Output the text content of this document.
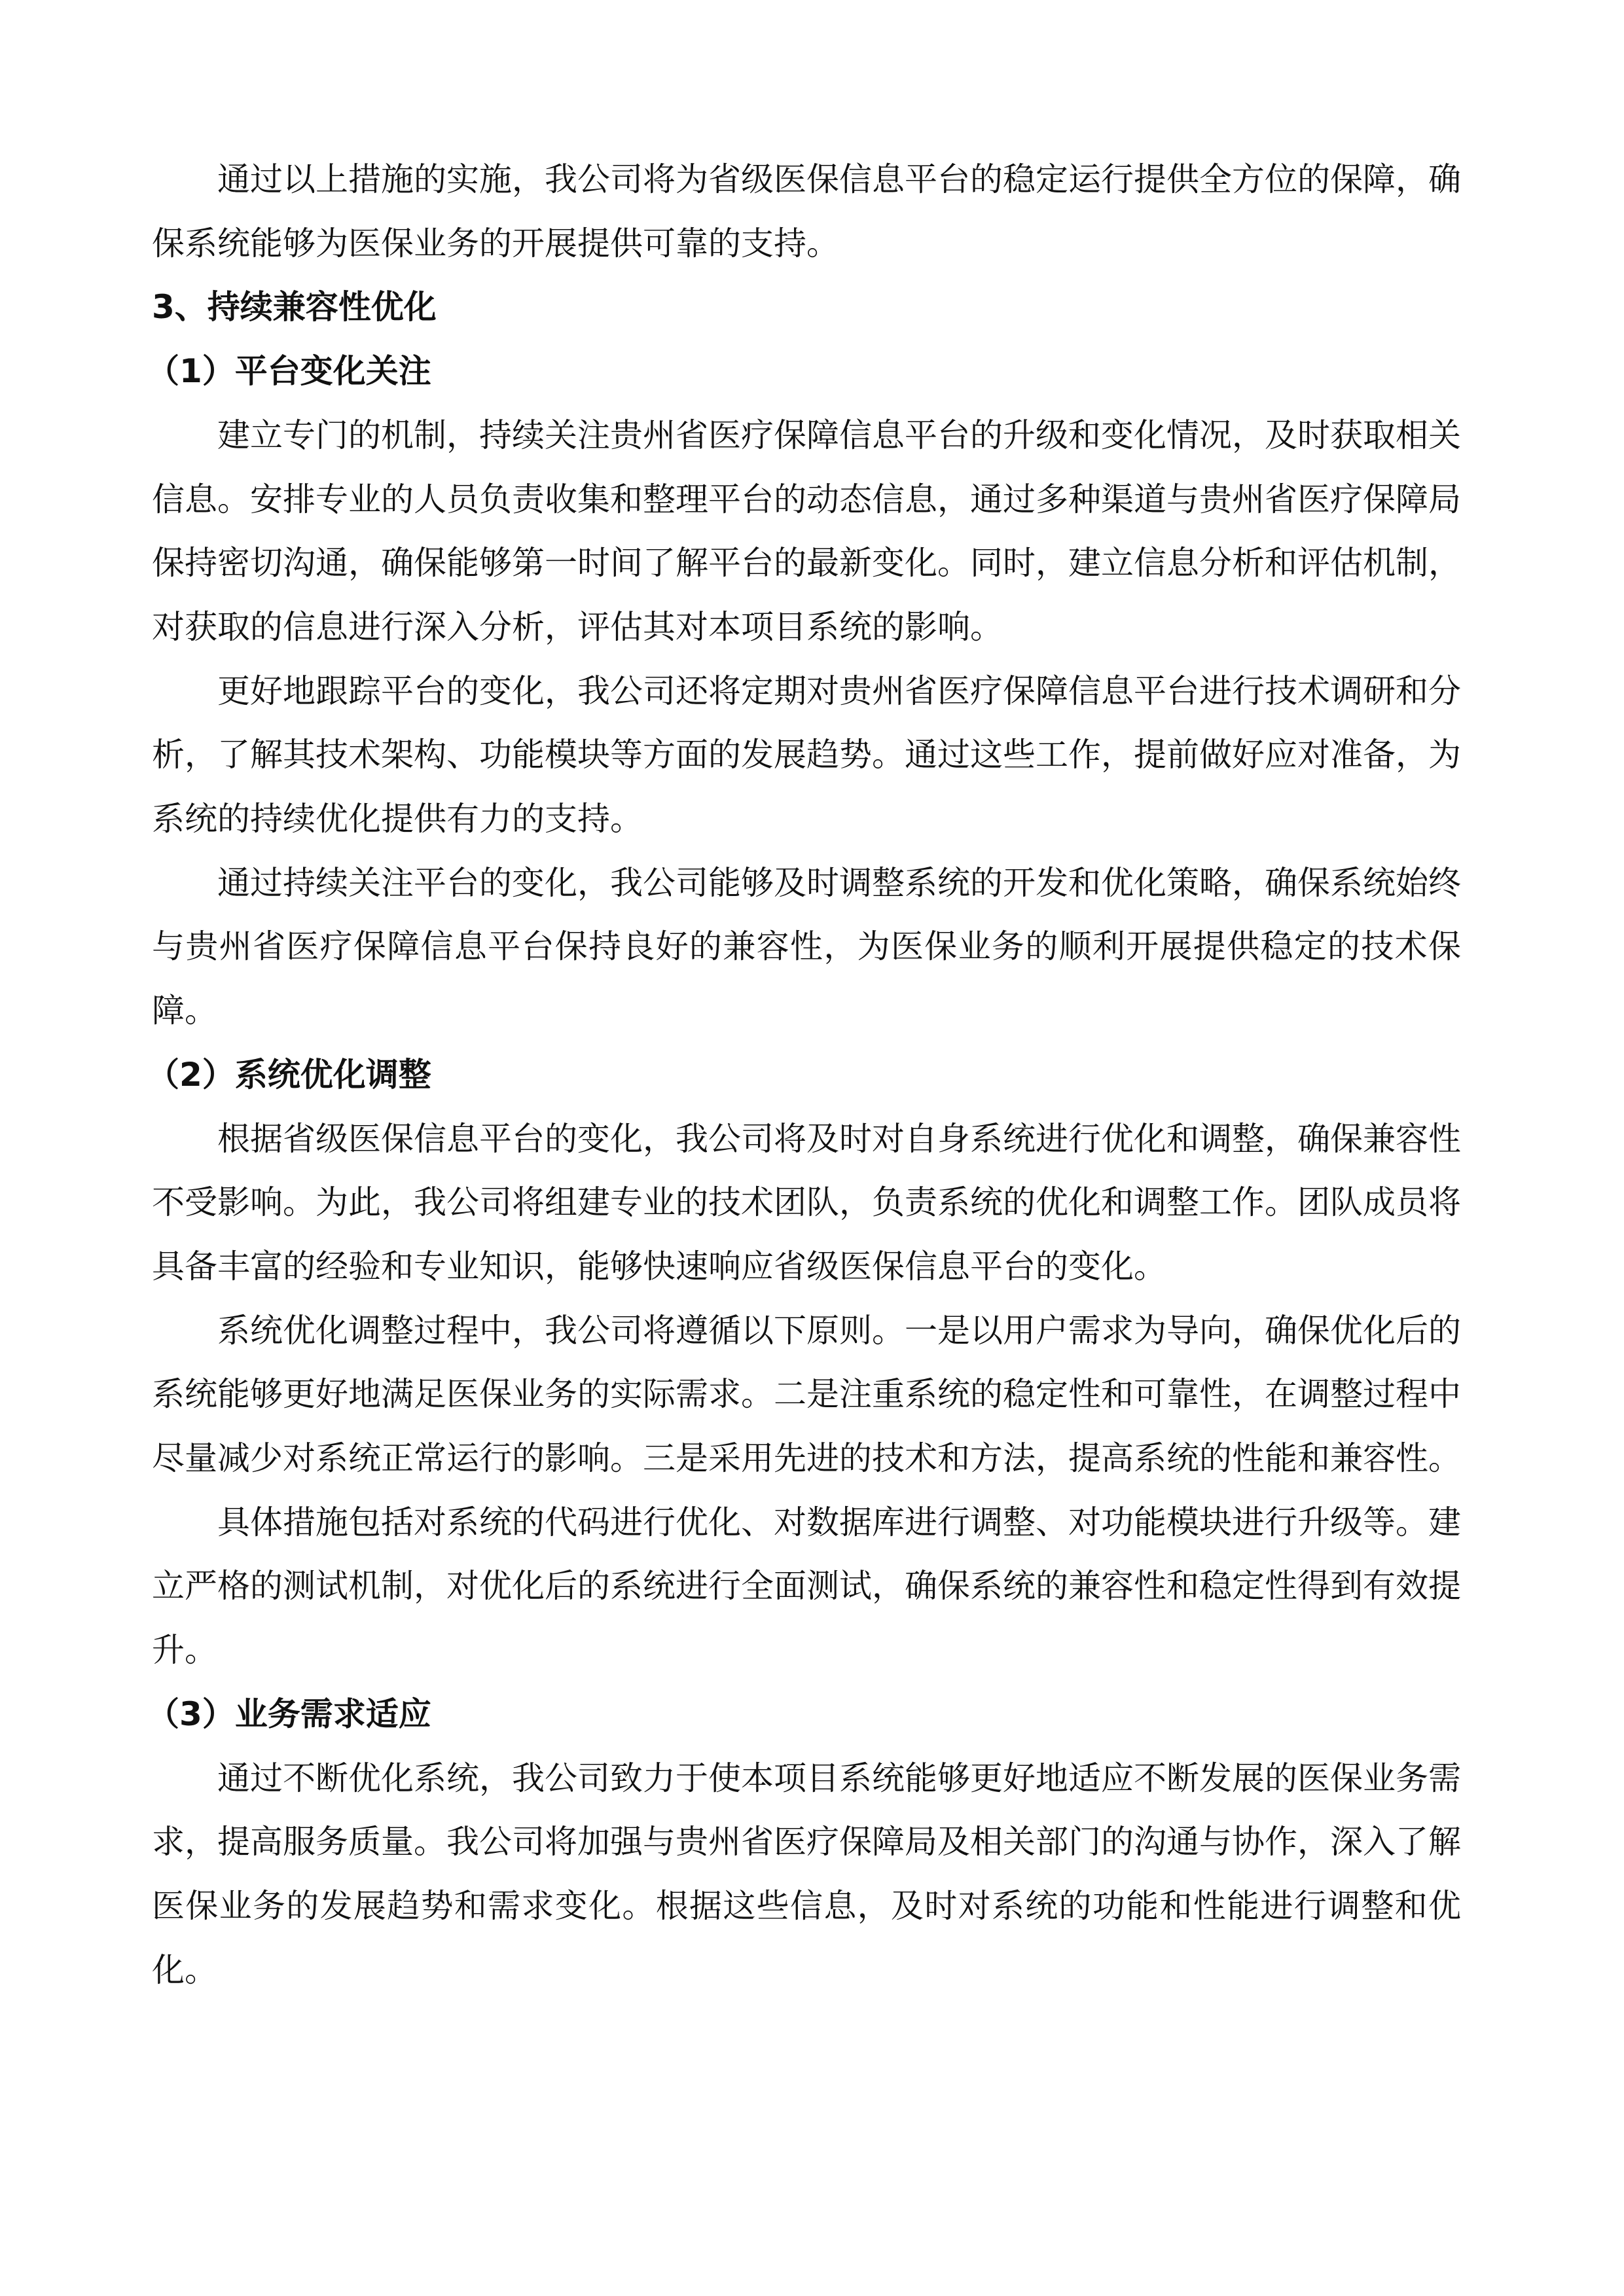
通过以上措施的实施，我公司将为省级医保信息平台的稳定运行提供全方位的保障，确保系统能够为医保业务的开展提供可靠的支持。

3、持续兼容性优化

（1）平台变化关注

建立专门的机制，持续关注贵州省医疗保障信息平台的升级和变化情况，及时获取相关信息。安排专业的人员负责收集和整理平台的动态信息，通过多种渠道与贵州省医疗保障局保持密切沟通，确保能够第一时间了解平台的最新变化。同时，建立信息分析和评估机制，对获取的信息进行深入分析，评估其对本项目系统的影响。

更好地跟踪平台的变化，我公司还将定期对贵州省医疗保障信息平台进行技术调研和分析，了解其技术架构、功能模块等方面的发展趋势。通过这些工作，提前做好应对准备，为系统的持续优化提供有力的支持。

通过持续关注平台的变化，我公司能够及时调整系统的开发和优化策略，确保系统始终与贵州省医疗保障信息平台保持良好的兼容性，为医保业务的顺利开展提供稳定的技术保障。

（2）系统优化调整

根据省级医保信息平台的变化，我公司将及时对自身系统进行优化和调整，确保兼容性不受影响。为此，我公司将组建专业的技术团队，负责系统的优化和调整工作。团队成员将具备丰富的经验和专业知识，能够快速响应省级医保信息平台的变化。

系统优化调整过程中，我公司将遵循以下原则。一是以用户需求为导向，确保优化后的系统能够更好地满足医保业务的实际需求。二是注重系统的稳定性和可靠性，在调整过程中尽量减少对系统正常运行的影响。三是采用先进的技术和方法，提高系统的性能和兼容性。

具体措施包括对系统的代码进行优化、对数据库进行调整、对功能模块进行升级等。建立严格的测试机制，对优化后的系统进行全面测试，确保系统的兼容性和稳定性得到有效提升。

（3）业务需求适应

通过不断优化系统，我公司致力于使本项目系统能够更好地适应不断发展的医保业务需求，提高服务质量。我公司将加强与贵州省医疗保障局及相关部门的沟通与协作，深入了解医保业务的发展趋势和需求变化。根据这些信息，及时对系统的功能和性能进行调整和优化。
